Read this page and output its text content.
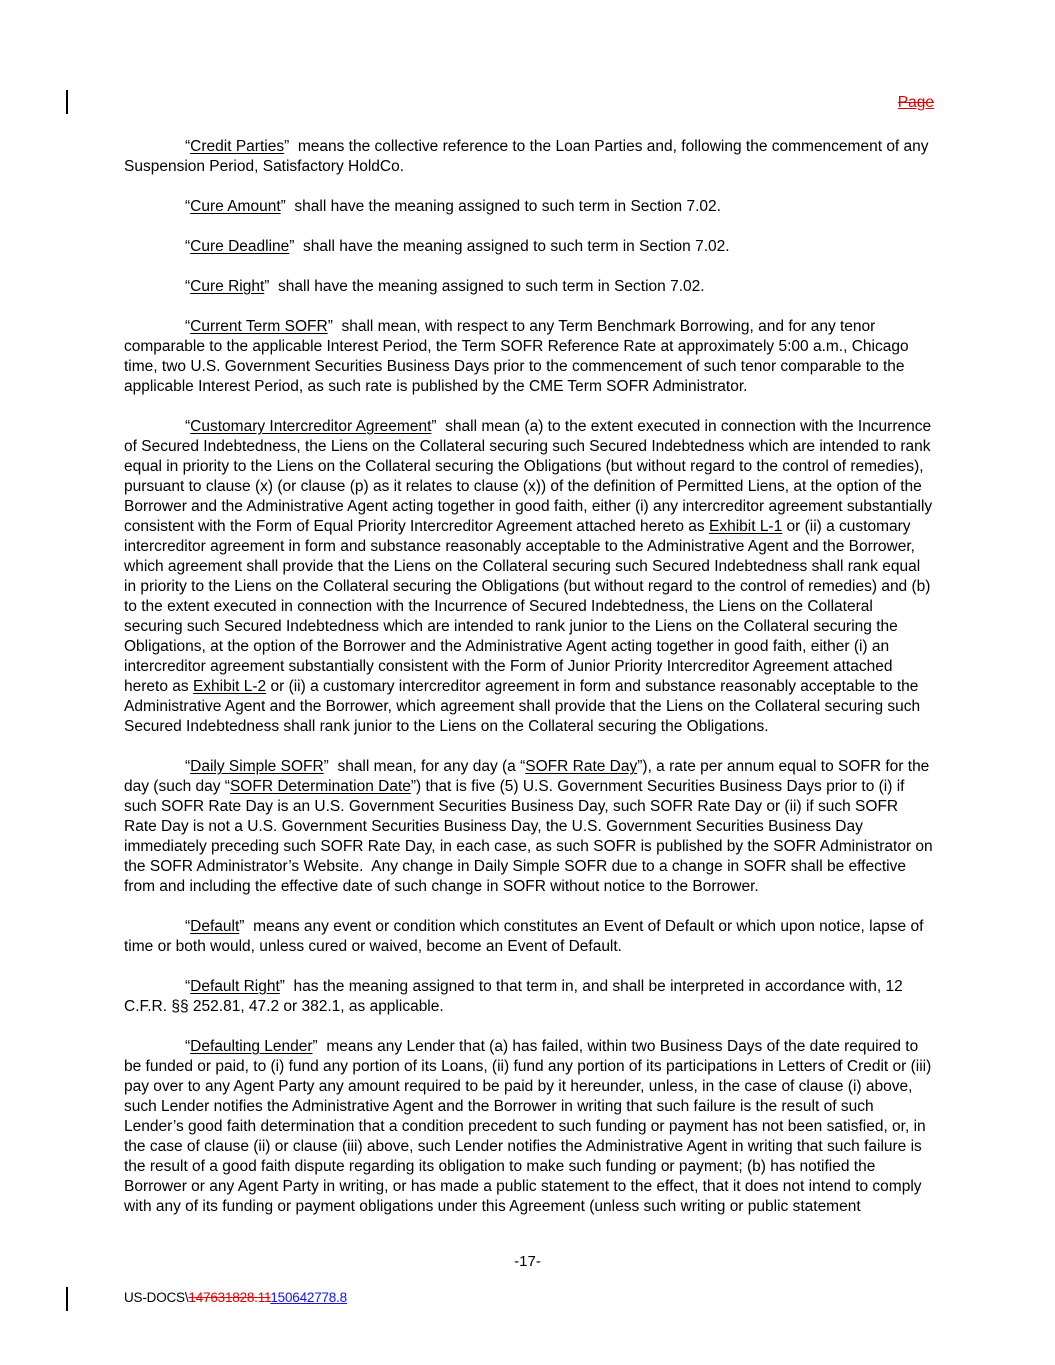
Page

“Credit Parties”  means the collective reference to the Loan Parties and, following the commencement of any Suspension Period, Satisfactory HoldCo.

“Cure Amount”  shall have the meaning assigned to such term in Section 7.02.

“Cure Deadline”  shall have the meaning assigned to such term in Section 7.02.

“Cure Right”  shall have the meaning assigned to such term in Section 7.02.

“Current Term SOFR”  shall mean, with respect to any Term Benchmark Borrowing, and for any tenor comparable to the applicable Interest Period, the Term SOFR Reference Rate at approximately 5:00 a.m., Chicago time, two U.S. Government Securities Business Days prior to the commencement of such tenor comparable to the applicable Interest Period, as such rate is published by the CME Term SOFR Administrator.

“Customary Intercreditor Agreement”  shall mean (a) to the extent executed in connection with the Incurrence of Secured Indebtedness, the Liens on the Collateral securing such Secured Indebtedness which are intended to rank equal in priority to the Liens on the Collateral securing the Obligations (but without regard to the control of remedies), pursuant to clause (x) (or clause (p) as it relates to clause (x)) of the definition of Permitted Liens, at the option of the Borrower and the Administrative Agent acting together in good faith, either (i) any intercreditor agreement substantially consistent with the Form of Equal Priority Intercreditor Agreement attached hereto as Exhibit L-1 or (ii) a customary intercreditor agreement in form and substance reasonably acceptable to the Administrative Agent and the Borrower, which agreement shall provide that the Liens on the Collateral securing such Secured Indebtedness shall rank equal in priority to the Liens on the Collateral securing the Obligations (but without regard to the control of remedies) and (b) to the extent executed in connection with the Incurrence of Secured Indebtedness, the Liens on the Collateral securing such Secured Indebtedness which are intended to rank junior to the Liens on the Collateral securing the Obligations, at the option of the Borrower and the Administrative Agent acting together in good faith, either (i) an intercreditor agreement substantially consistent with the Form of Junior Priority Intercreditor Agreement attached hereto as Exhibit L-2 or (ii) a customary intercreditor agreement in form and substance reasonably acceptable to the Administrative Agent and the Borrower, which agreement shall provide that the Liens on the Collateral securing such Secured Indebtedness shall rank junior to the Liens on the Collateral securing the Obligations.

“Daily Simple SOFR”  shall mean, for any day (a “SOFR Rate Day”), a rate per annum equal to SOFR for the day (such day “SOFR Determination Date”) that is five (5) U.S. Government Securities Business Days prior to (i) if such SOFR Rate Day is an U.S. Government Securities Business Day, such SOFR Rate Day or (ii) if such SOFR Rate Day is not a U.S. Government Securities Business Day, the U.S. Government Securities Business Day immediately preceding such SOFR Rate Day, in each case, as such SOFR is published by the SOFR Administrator on the SOFR Administrator’s Website.  Any change in Daily Simple SOFR due to a change in SOFR shall be effective from and including the effective date of such change in SOFR without notice to the Borrower.

“Default”  means any event or condition which constitutes an Event of Default or which upon notice, lapse of time or both would, unless cured or waived, become an Event of Default.

“Default Right”  has the meaning assigned to that term in, and shall be interpreted in accordance with, 12 C.F.R. §§ 252.81, 47.2 or 382.1, as applicable.

“Defaulting Lender”  means any Lender that (a) has failed, within two Business Days of the date required to be funded or paid, to (i) fund any portion of its Loans, (ii) fund any portion of its participations in Letters of Credit or (iii) pay over to any Agent Party any amount required to be paid by it hereunder, unless, in the case of clause (i) above, such Lender notifies the Administrative Agent and the Borrower in writing that such failure is the result of such Lender’s good faith determination that a condition precedent to such funding or payment has not been satisfied, or, in the case of clause (ii) or clause (iii) above, such Lender notifies the Administrative Agent in writing that such failure is the result of a good faith dispute regarding its obligation to make such funding or payment; (b) has notified the Borrower or any Agent Party in writing, or has made a public statement to the effect, that it does not intend to comply with any of its funding or payment obligations under this Agreement (unless such writing or public statement

-17-
US-DOCS\147631828.11150642778.8
